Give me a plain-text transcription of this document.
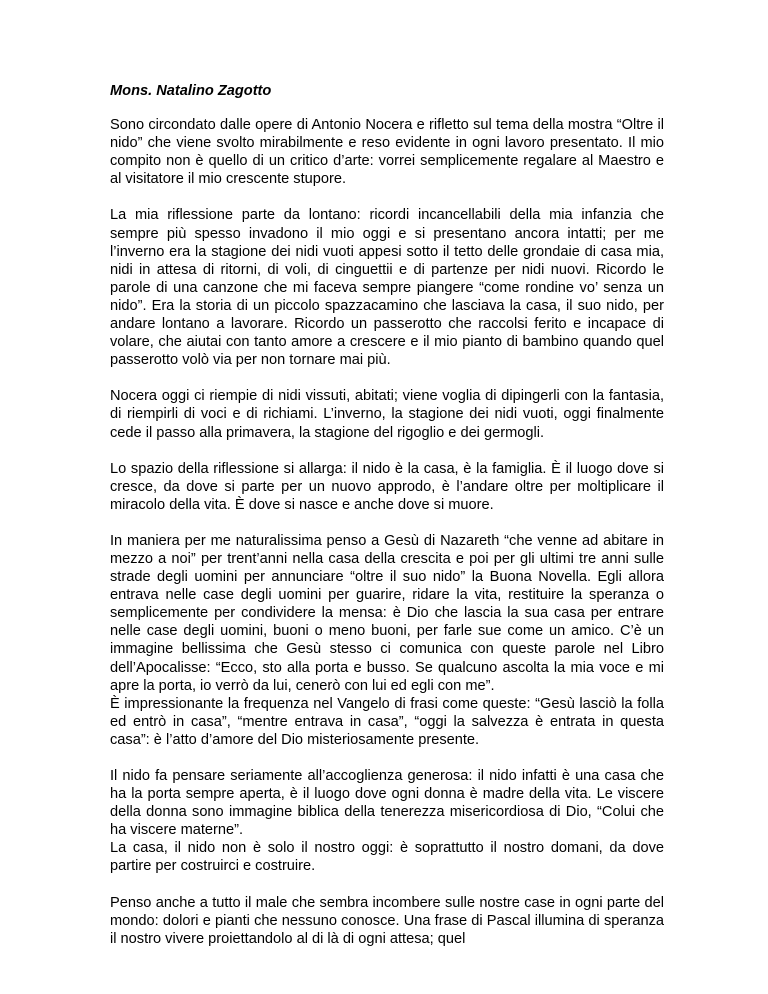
Mons. Natalino Zagotto

Sono circondato dalle opere di Antonio Nocera e rifletto sul tema della mostra “Oltre il nido” che viene svolto mirabilmente e reso evidente in ogni lavoro presentato. Il mio compito non è quello di un critico d’arte: vorrei semplicemente regalare al Maestro e al visitatore il mio crescente stupore.

La mia riflessione parte da lontano: ricordi incancellabili della mia infanzia che sempre più spesso invadono il mio oggi e si presentano ancora intatti; per me l’inverno era la stagione dei nidi vuoti appesi sotto il tetto delle grondaie di casa mia, nidi in attesa di ritorni, di voli, di cinguettii e di partenze per nidi nuovi. Ricordo le parole di una canzone che mi faceva sempre piangere “come rondine vo’ senza un nido”. Era la storia di un piccolo spazzacamino che lasciava la casa, il suo nido, per andare lontano a lavorare. Ricordo un passerotto che raccolsi ferito e incapace di volare, che aiutai con tanto amore a crescere e il mio pianto di bambino quando quel passerotto volò via per non tornare mai più.

Nocera oggi ci riempie di nidi vissuti, abitati; viene voglia di dipingerli con la fantasia, di riempirli di voci e di richiami. L’inverno, la stagione dei nidi vuoti, oggi finalmente cede il passo alla primavera, la stagione del rigoglio e dei germogli.

Lo spazio della riflessione si allarga: il nido è la casa, è la famiglia. È il luogo dove si cresce, da dove si parte per un nuovo approdo, è l’andare oltre per moltiplicare il miracolo della vita. È dove si nasce e anche dove si muore.

In maniera per me naturalissima penso a Gesù di Nazareth “che venne ad abitare in mezzo a noi” per trent’anni nella casa della crescita e poi per gli ultimi tre anni sulle strade degli uomini per annunciare “oltre il suo nido” la Buona Novella. Egli allora entrava nelle case degli uomini per guarire, ridare la vita, restituire la speranza o semplicemente per condividere la mensa: è Dio che lascia la sua casa per entrare nelle case degli uomini, buoni o meno buoni, per farle sue come un amico. C’è un immagine bellissima che Gesù stesso ci comunica con queste parole nel Libro dell’Apocalisse: “Ecco, sto alla porta e busso. Se qualcuno ascolta la mia voce e mi apre la porta, io verrò da lui, cenerò con lui ed egli con me”.
È impressionante la frequenza nel Vangelo di frasi come queste: “Gesù lasciò la folla ed entrò in casa”, “mentre entrava in casa”, “oggi la salvezza è entrata in questa casa”: è l’atto d’amore del Dio misteriosamente presente.

Il nido fa pensare seriamente all’accoglienza generosa: il nido infatti è una casa che ha la porta sempre aperta, è il luogo dove ogni donna è madre della vita. Le viscere della donna sono immagine biblica della tenerezza misericordiosa di Dio, “Colui che ha viscere materne”.
La casa, il nido non è solo il nostro oggi: è soprattutto il nostro domani, da dove partire per costruirci e costruire.

Penso anche a tutto il male che sembra incombere sulle nostre case in ogni parte del mondo: dolori e pianti che nessuno conosce. Una frase di Pascal illumina di speranza il nostro vivere proiettandolo al di là di ogni attesa; quel
